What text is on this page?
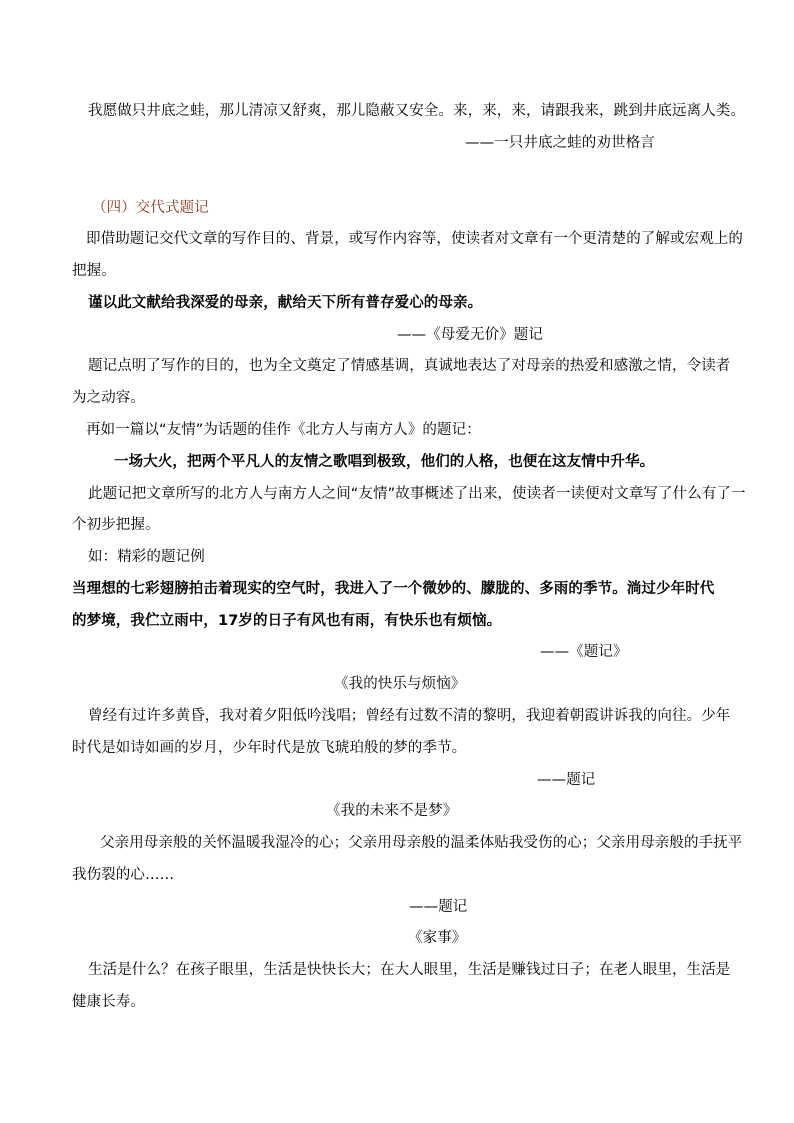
我愿做只井底之蛙，那儿清凉又舒爽，那儿隐蔽又安全。来，来，来，请跟我来，跳到井底远离人类。
——一只井底之蛙的劝世格言
（四）交代式题记
即借助题记交代文章的写作目的、背景，或写作内容等，使读者对文章有一个更清楚的了解或宏观上的
把握。
谨以此文献给我深爱的母亲，献给天下所有普存爱心的母亲。
——《母爱无价》题记
题记点明了写作的目的，也为全文奠定了情感基调，真诚地表达了对母亲的热爱和感激之情，令读者
为之动容。
再如一篇以“友情”为话题的佳作《北方人与南方人》的题记：
一场大火，把两个平凡人的友情之歌唱到极致，他们的人格，也便在这友情中升华。
此题记把文章所写的北方人与南方人之间“友情”故事概述了出来，使读者一读便对文章写了什么有了一
个初步把握。
如：精彩的题记例
当理想的七彩翅膀拍击着现实的空气时，我进入了一个微妙的、朦胧的、多雨的季节。淌过少年时代
的梦境，我伫立雨中，17岁的日子有风也有雨，有快乐也有烦恼。
——《题记》
《我的快乐与烦恼》
曾经有过许多黄昏，我对着夕阳低吟浅唱；曾经有过数不清的黎明，我迎着朝霞讲诉我的向往。少年
时代是如诗如画的岁月，少年时代是放飞琥珀般的梦的季节。
——题记
《我的未来不是梦》
父亲用母亲般的关怀温暖我湿冷的心；父亲用母亲般的温柔体贴我受伤的心；父亲用母亲般的手抚平
我伤裂的心……
——题记
《家事》
生活是什么？在孩子眼里，生活是快快长大；在大人眼里，生活是赚钱过日子；在老人眼里，生活是
健康长寿。
